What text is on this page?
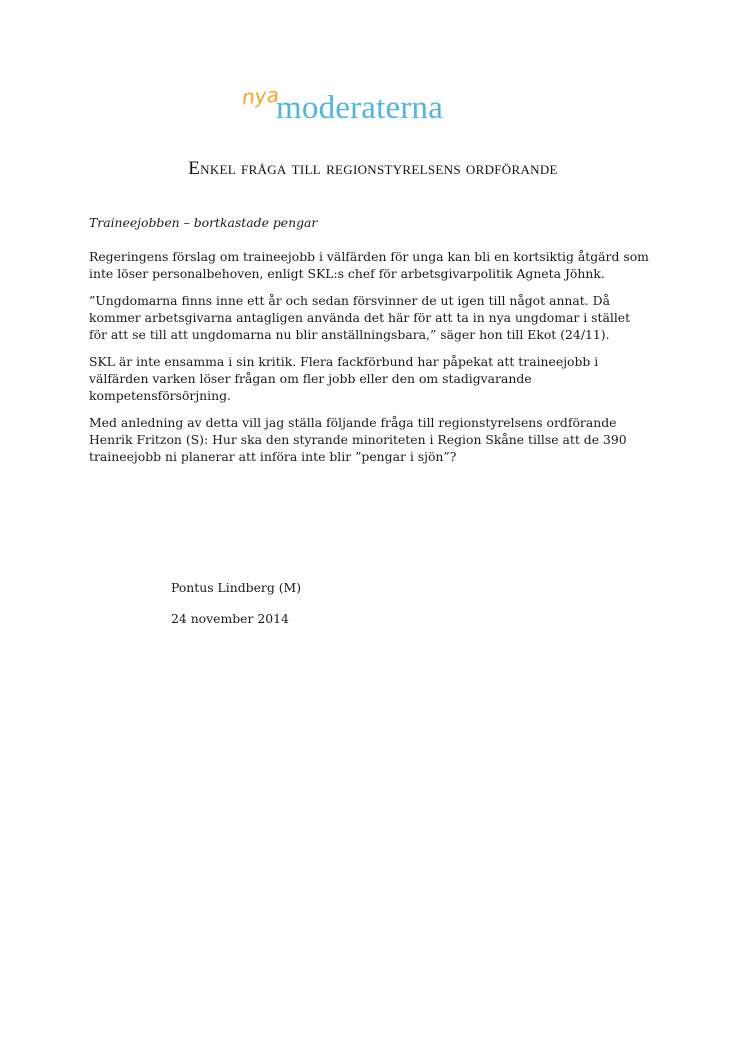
nya
moderaterna
Enkel fråga till regionstyrelsens ordförande

Traineejobben – bortkastade pengar

Regeringens förslag om traineejobb i välfärden för unga kan bli en kortsiktig åtgärd som inte löser personalbehoven, enligt SKL:s chef för arbetsgivarpolitik Agneta Jöhnk.

”Ungdomarna finns inne ett år och sedan försvinner de ut igen till något annat. Då kommer arbetsgivarna antagligen använda det här för att ta in nya ungdomar i stället för att se till att ungdomarna nu blir anställningsbara,” säger hon till Ekot (24/11).

SKL är inte ensamma i sin kritik. Flera fackförbund har påpekat att traineejobb i välfärden varken löser frågan om fler jobb eller den om stadigvarande kompetensförsörjning.

Med anledning av detta vill jag ställa följande fråga till regionstyrelsens ordförande Henrik Fritzon (S): Hur ska den styrande minoriteten i Region Skåne tillse att de 390 traineejobb ni planerar att införa inte blir ”pengar i sjön”?

Pontus Lindberg (M)

24 november 2014
